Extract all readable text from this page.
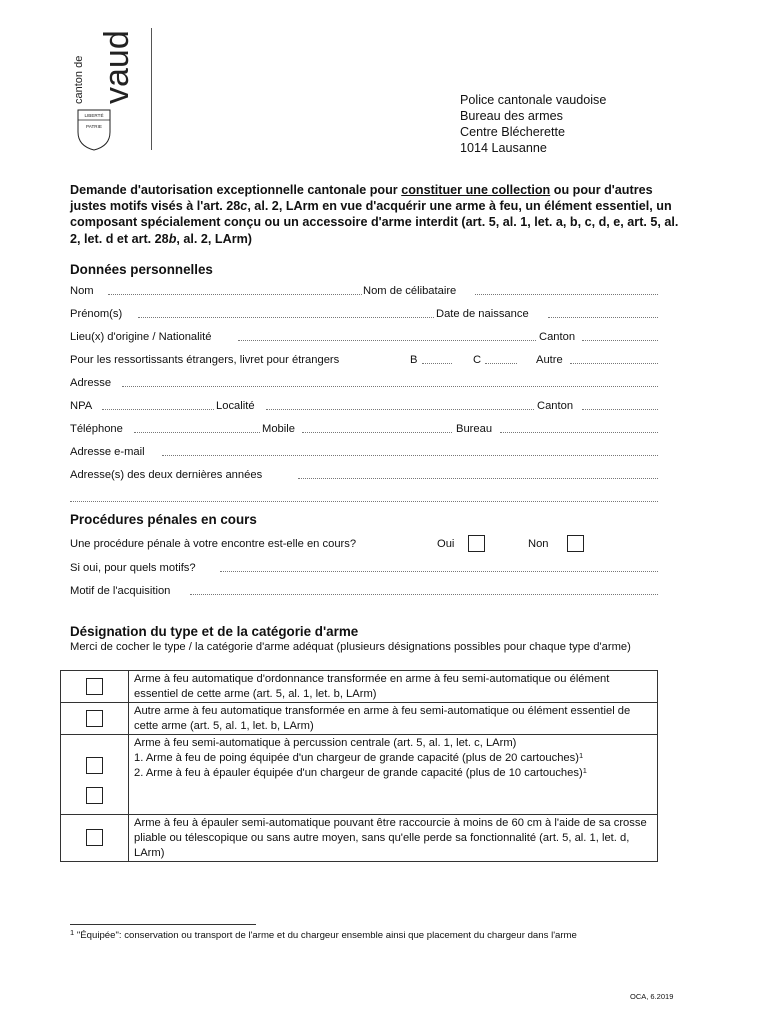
canton de vaud
LIBERTÉ
PATRIE
Police cantonale vaudoise
Bureau des armes
Centre Blécherette
1014 Lausanne
Demande d'autorisation exceptionnelle cantonale pour constituer une collection ou pour d'autres justes motifs visés à l'art. 28c, al. 2, LArm en vue d'acquérir une arme à feu, un élément essentiel, un composant spécialement conçu ou un accessoire d'arme interdit (art. 5, al. 1, let. a, b, c, d, e, art. 5, al. 2, let. d et art. 28b, al. 2, LArm)
Données personnelles
Nom	Nom de célibataire
Prénom(s)	Date de naissance
Lieu(x) d'origine / Nationalité	Canton
Pour les ressortissants étrangers, livret pour étrangers	B	C	Autre
Adresse
NPA	Localité	Canton
Téléphone	Mobile	Bureau
Adresse e-mail
Adresse(s) des deux dernières années
Procédures pénales en cours
Une procédure pénale à votre encontre est-elle en cours?	Oui	Non
Si oui, pour quels motifs?
Motif de l'acquisition
Désignation du type et de la catégorie d'arme
Merci de cocher le type / la catégorie d'arme adéquat (plusieurs désignations possibles pour chaque type d'arme)
	Arme à feu automatique d'ordonnance transformée en arme à feu semi-automatique ou élément essentiel de cette arme (art. 5, al. 1, let. b, LArm)

	Autre arme à feu automatique transformée en arme à feu semi-automatique ou élément essentiel de cette arme (art. 5, al. 1, let. b, LArm)

	Arme à feu semi-automatique à percussion centrale (art. 5, al. 1, let. c, LArm)
1. Arme à feu de poing équipée d'un chargeur de grande capacité (plus de 20 cartouches)$^1$
2. Arme à feu à épauler équipée d'un chargeur de grande capacité (plus de 10 cartouches)$^1$

	Arme à feu à épauler semi-automatique pouvant être raccourcie à moins de 60 cm à l'aide de sa crosse pliable ou télescopique ou sans autre moyen, sans qu'elle perde sa fonctionnalité (art. 5, al. 1, let. d, LArm)
$^1$ "Équipée": conservation ou transport de l'arme et du chargeur ensemble ainsi que placement du chargeur dans l'arme
OCA, 6.2019
